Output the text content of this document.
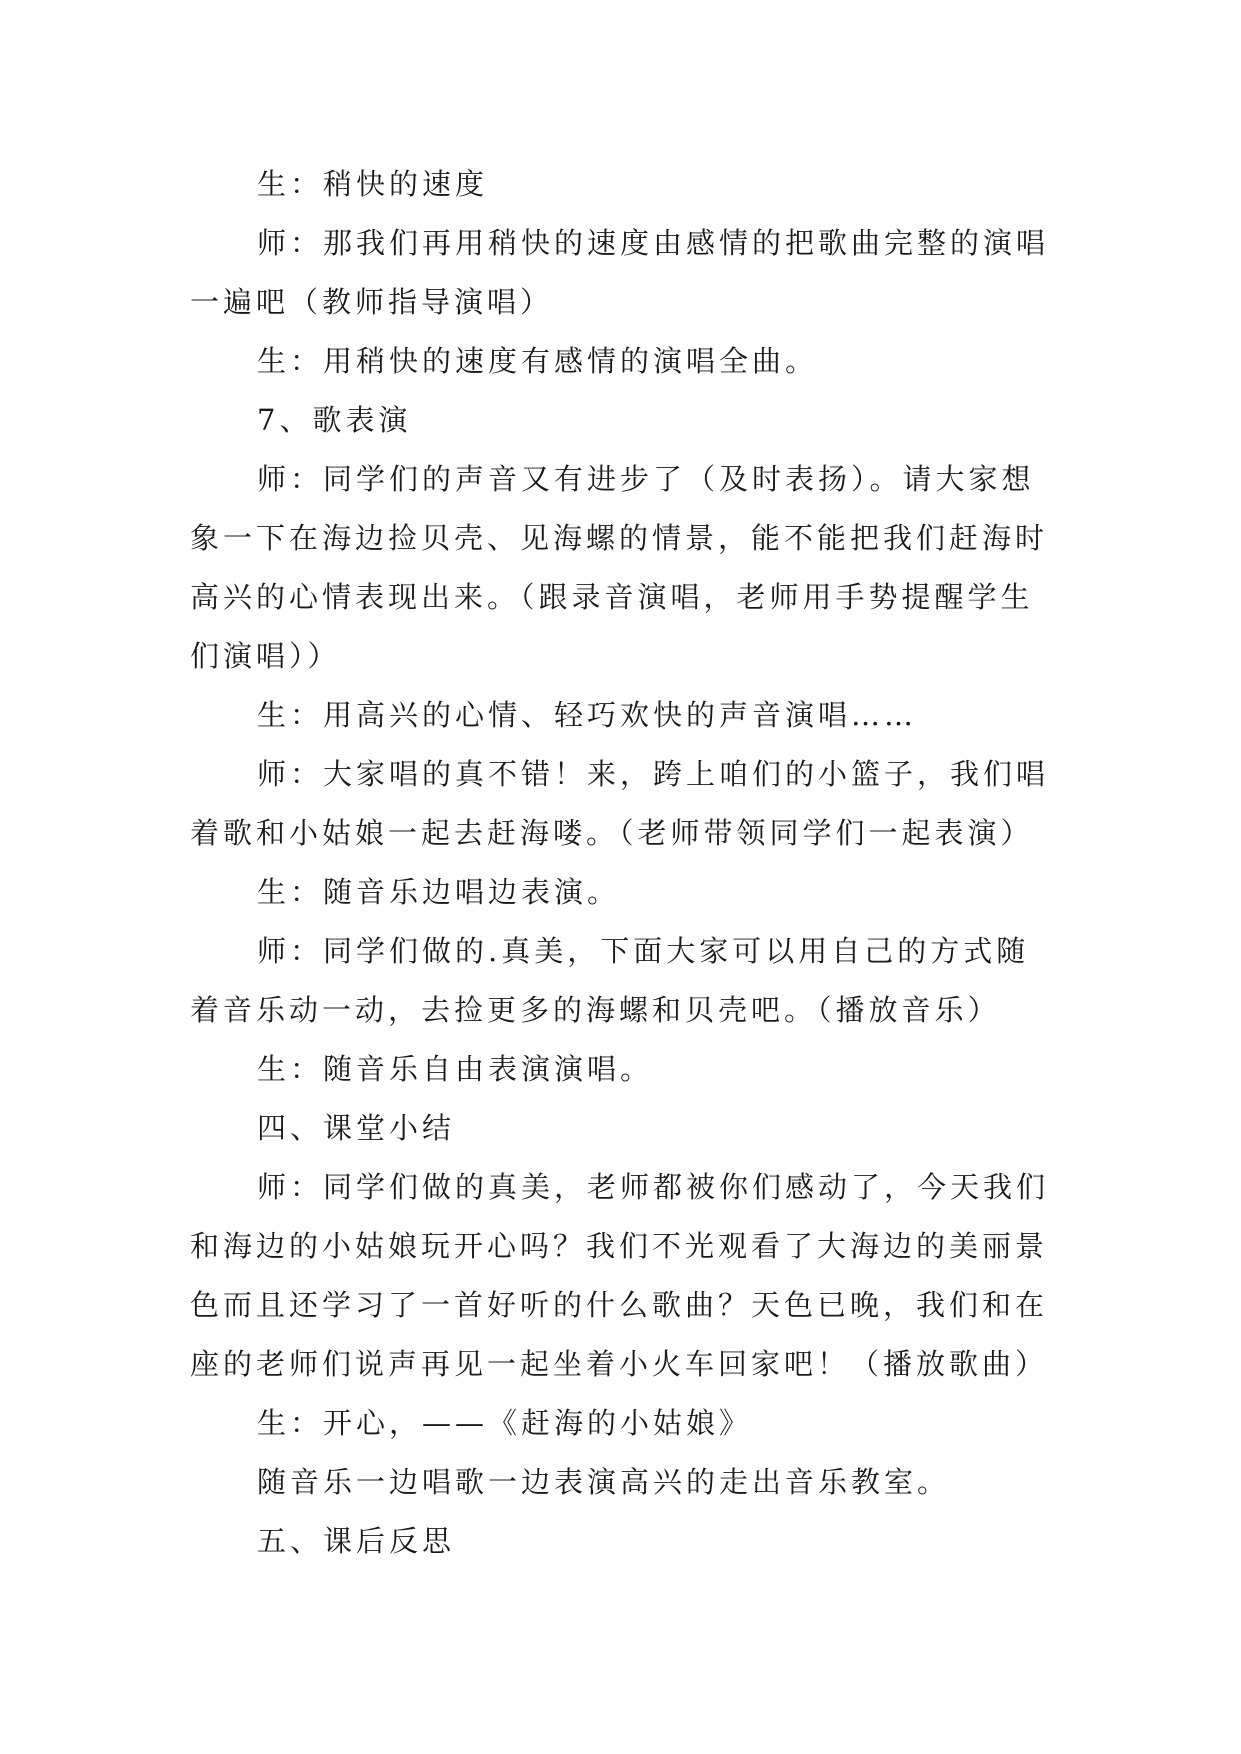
生：稍快的速度

师：那我们再用稍快的速度由感情的把歌曲完整的演唱一遍吧（教师指导演唱）

生：用稍快的速度有感情的演唱全曲。

7、歌表演

师：同学们的声音又有进步了（及时表扬）。请大家想象一下在海边捡贝壳、见海螺的情景，能不能把我们赶海时高兴的心情表现出来。（跟录音演唱，老师用手势提醒学生们演唱））

生：用高兴的心情、轻巧欢快的声音演唱……

师：大家唱的真不错！来，跨上咱们的小篮子，我们唱着歌和小姑娘一起去赶海喽。（老师带领同学们一起表演）

生：随音乐边唱边表演。

师：同学们做的.真美，下面大家可以用自己的方式随着音乐动一动，去捡更多的海螺和贝壳吧。（播放音乐）

生：随音乐自由表演演唱。

四、课堂小结

师：同学们做的真美，老师都被你们感动了，今天我们和海边的小姑娘玩开心吗？我们不光观看了大海边的美丽景色而且还学习了一首好听的什么歌曲？天色已晚，我们和在座的老师们说声再见一起坐着小火车回家吧！（播放歌曲）

生：开心，——《赶海的小姑娘》

随音乐一边唱歌一边表演高兴的走出音乐教室。

五、课后反思
